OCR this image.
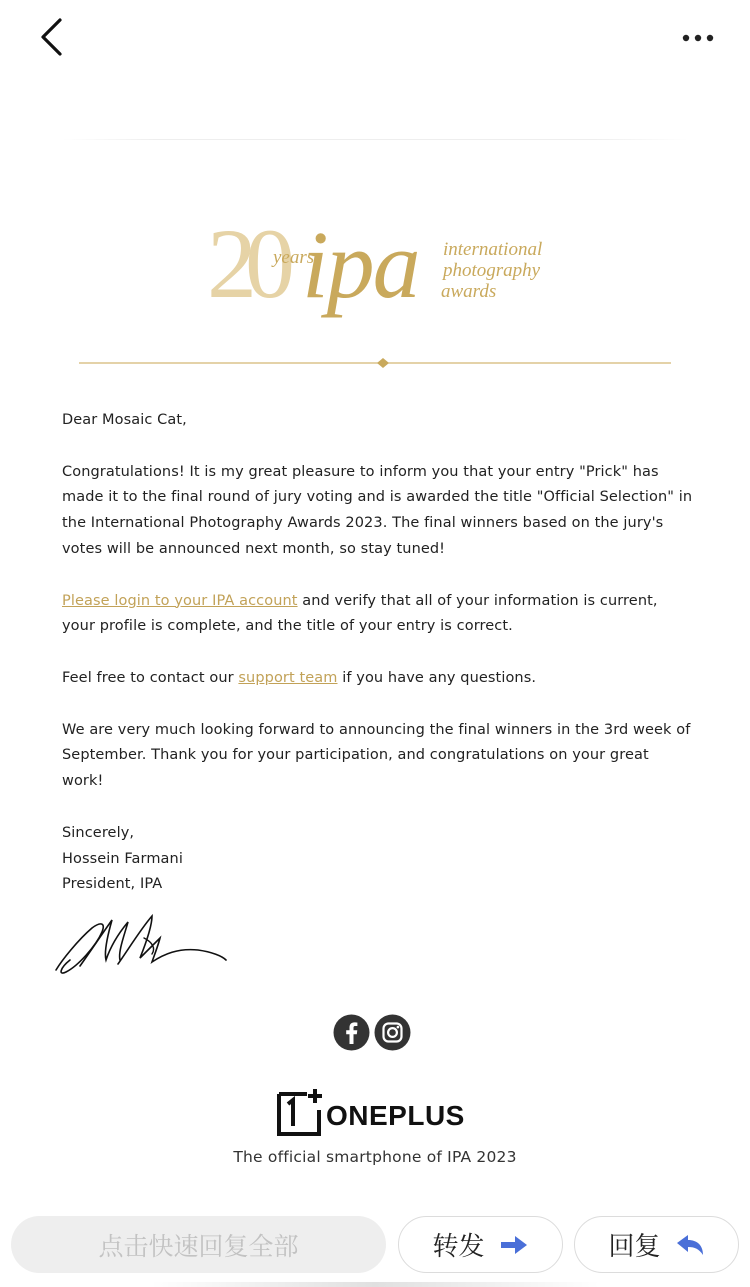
20
years
ipa international
photography
awards

Dear Mosaic Cat,

Congratulations! It is my great pleasure to inform you that your entry "Prick" has made it to the final round of jury voting and is awarded the title "Official Selection" in the International Photography Awards 2023. The final winners based on the jury's votes will be announced next month, so stay tuned!

Please login to your IPA account and verify that all of your information is current, your profile is complete, and the title of your entry is correct.

Feel free to contact our support team if you have any questions.

We are very much looking forward to announcing the final winners in the 3rd week of September. Thank you for your participation, and congratulations on your great work!

Sincerely,
Hossein Farmani
President, IPA
ONEPLUS
The official smartphone of IPA 2023
点击快速回复全部	转发	回复
